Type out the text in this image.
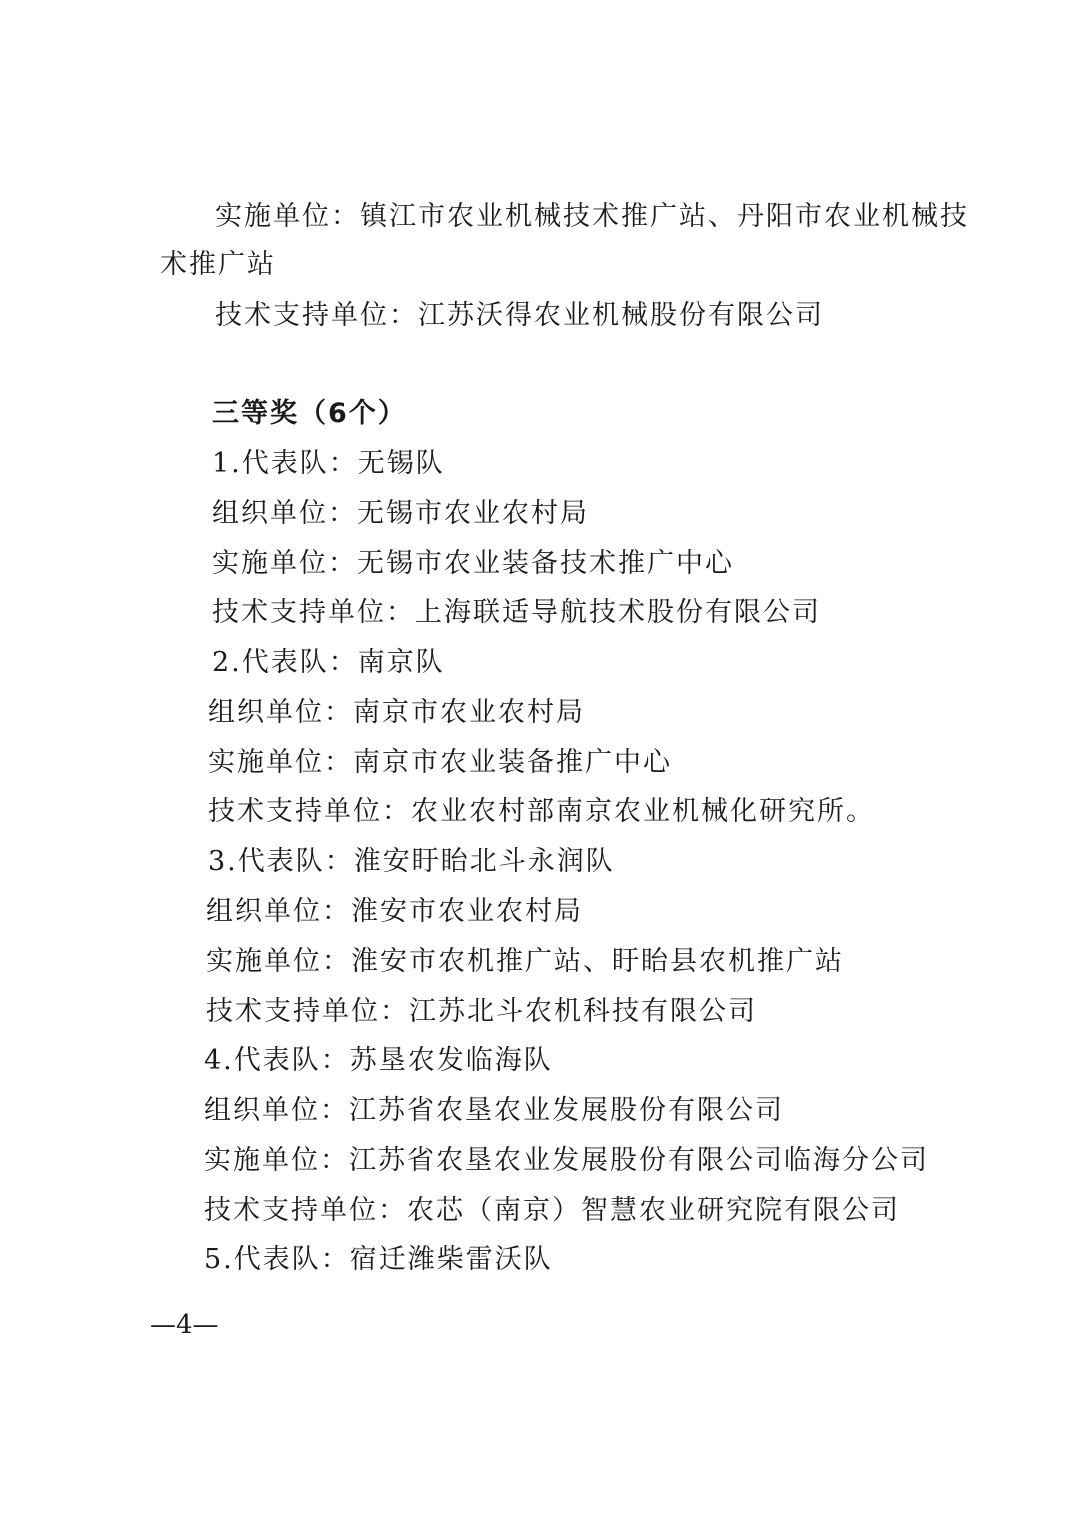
实施单位：镇江市农业机械技术推广站、丹阳市农业机械技
术推广站
技术支持单位：江苏沃得农业机械股份有限公司
三等奖（6个）
1.代表队：无锡队
组织单位：无锡市农业农村局
实施单位：无锡市农业装备技术推广中心
技术支持单位：上海联适导航技术股份有限公司
2.代表队：南京队
组织单位：南京市农业农村局
实施单位：南京市农业装备推广中心
技术支持单位：农业农村部南京农业机械化研究所。
3.代表队：淮安盱眙北斗永润队
组织单位：淮安市农业农村局
实施单位：淮安市农机推广站、盱眙县农机推广站
技术支持单位：江苏北斗农机科技有限公司
4.代表队：苏垦农发临海队
组织单位：江苏省农垦农业发展股份有限公司
实施单位：江苏省农垦农业发展股份有限公司临海分公司
技术支持单位：农芯（南京）智慧农业研究院有限公司
5.代表队：宿迁潍柴雷沃队
—4—
